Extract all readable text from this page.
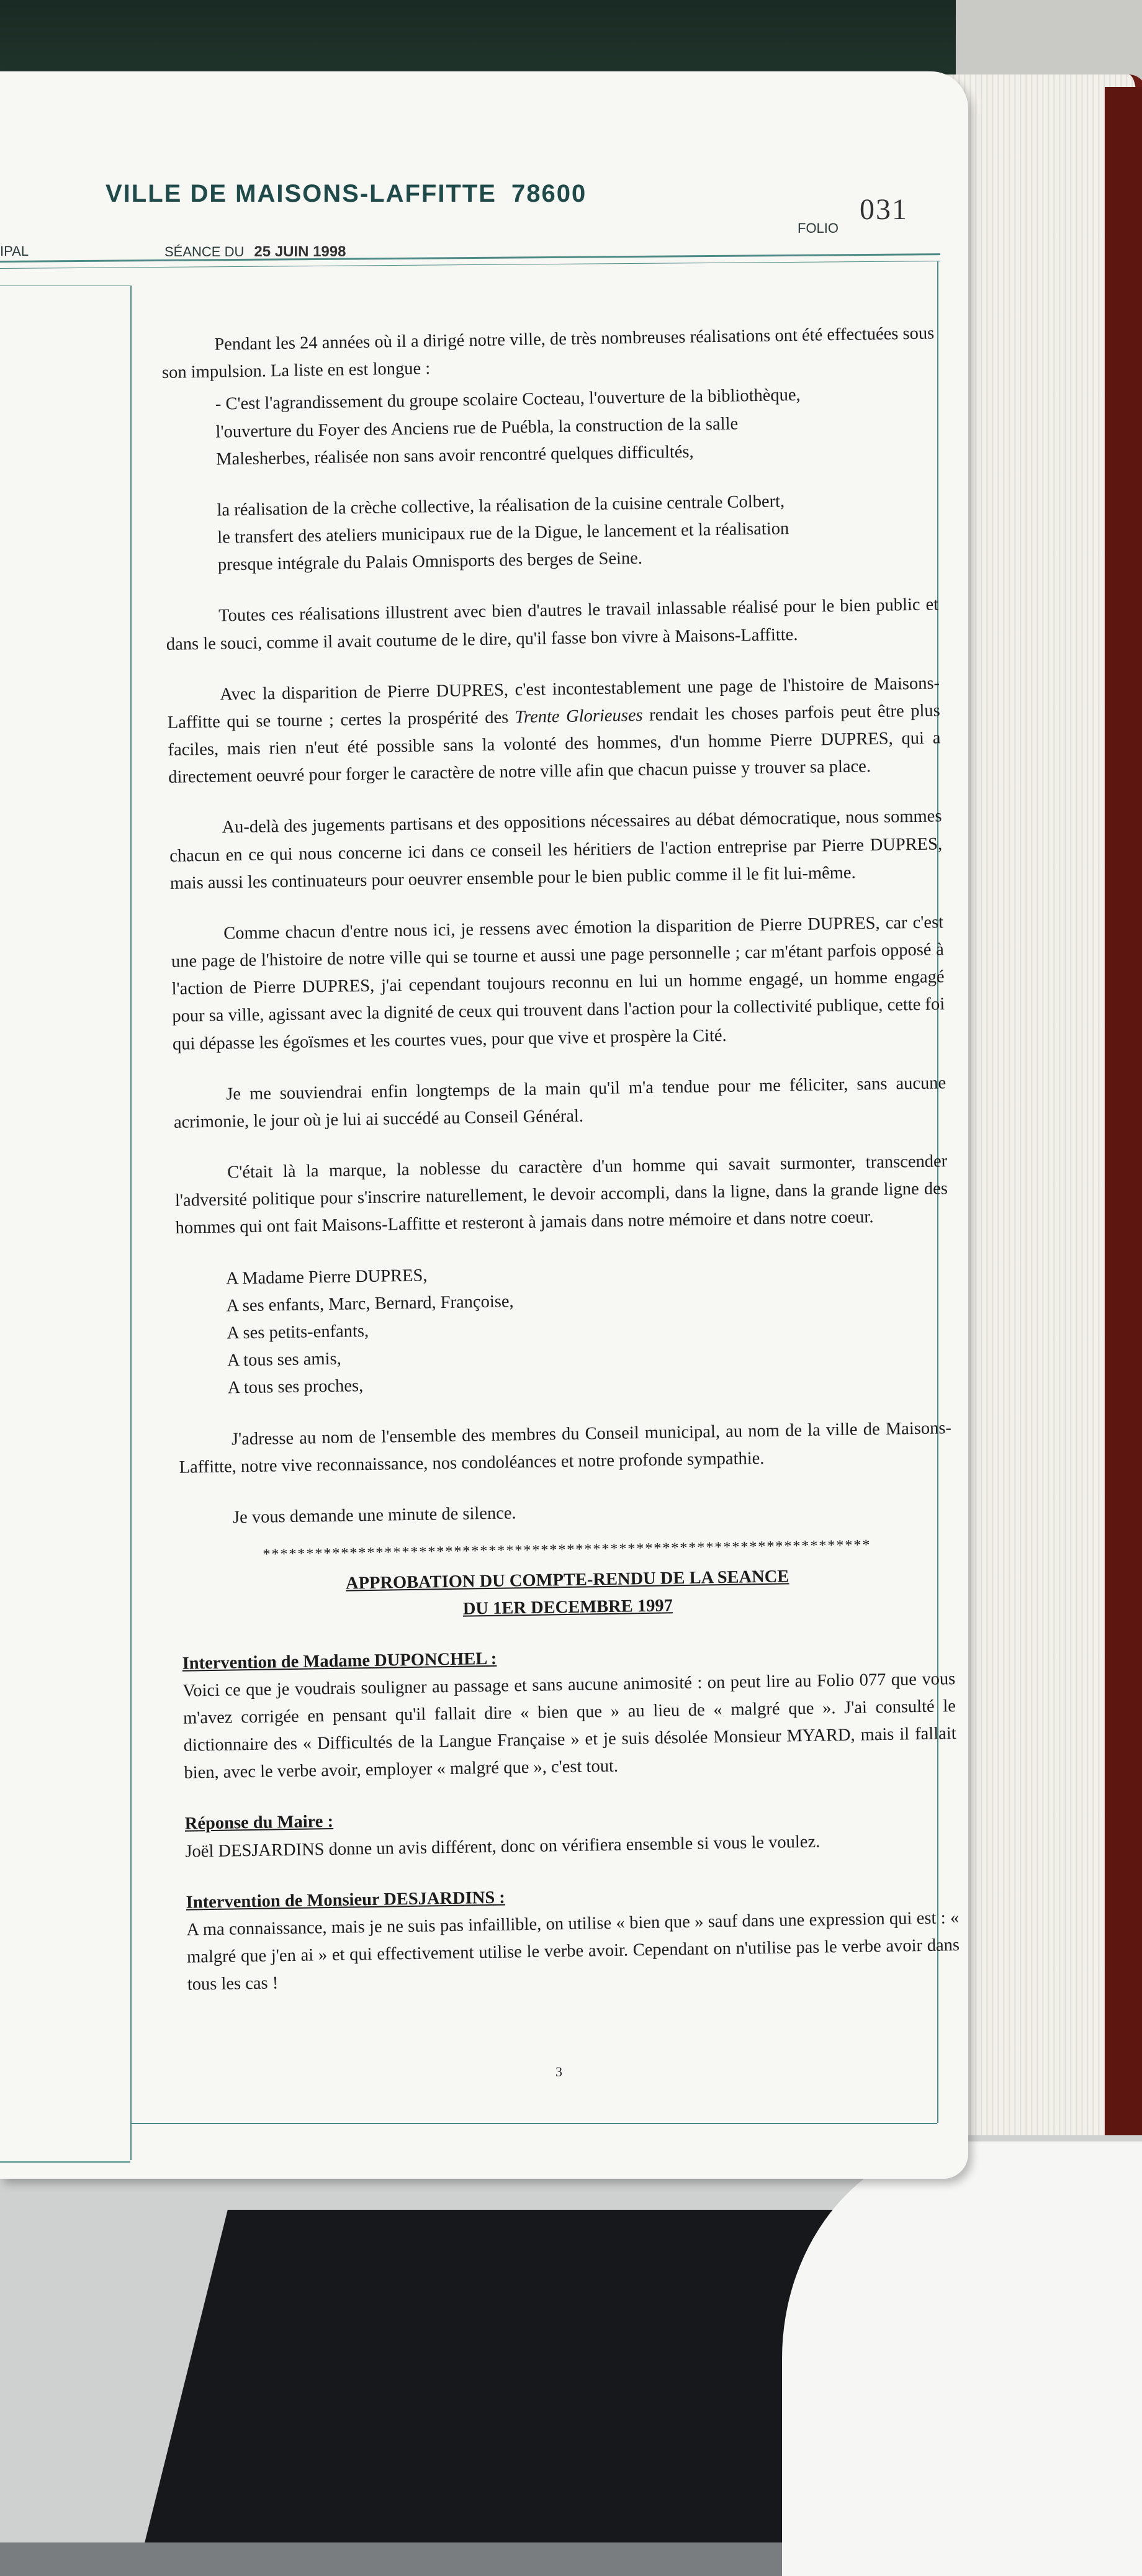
VILLE DE MAISONS-LAFFITTE 78600
IPAL	SÉANCE DU 25 JUIN 1998
FOLIO
031

Pendant les 24 années où il a dirigé notre ville, de très nombreuses réalisations ont été effectuées sous son impulsion. La liste en est longue :

- C'est l'agrandissement du groupe scolaire Cocteau, l'ouverture de la bibliothèque,
l'ouverture du Foyer des Anciens rue de Puébla, la construction de la salle
Malesherbes, réalisée non sans avoir rencontré quelques difficultés,
la réalisation de la crèche collective, la réalisation de la cuisine centrale Colbert,
le transfert des ateliers municipaux rue de la Digue, le lancement et la réalisation
presque intégrale du Palais Omnisports des berges de Seine.

Toutes ces réalisations illustrent avec bien d'autres le travail inlassable réalisé pour le bien public et dans le souci, comme il avait coutume de le dire, qu'il fasse bon vivre à Maisons-Laffitte.

Avec la disparition de Pierre DUPRES, c'est incontestablement une page de l'histoire de Maisons-Laffitte qui se tourne ; certes la prospérité des Trente Glorieuses rendait les choses parfois peut être plus faciles, mais rien n'eut été possible sans la volonté des hommes, d'un homme Pierre DUPRES, qui a directement oeuvré pour forger le caractère de notre ville afin que chacun puisse y trouver sa place.

Au-delà des jugements partisans et des oppositions nécessaires au débat démocratique, nous sommes chacun en ce qui nous concerne ici dans ce conseil les héritiers de l'action entreprise par Pierre DUPRES, mais aussi les continuateurs pour oeuvrer ensemble pour le bien public comme il le fit lui-même.

Comme chacun d'entre nous ici, je ressens avec émotion la disparition de Pierre DUPRES, car c'est une page de l'histoire de notre ville qui se tourne et aussi une page personnelle ; car m'étant parfois opposé à l'action de Pierre DUPRES, j'ai cependant toujours reconnu en lui un homme engagé, un homme engagé pour sa ville, agissant avec la dignité de ceux qui trouvent dans l'action pour la collectivité publique, cette foi qui dépasse les égoïsmes et les courtes vues, pour que vive et prospère la Cité.

Je me souviendrai enfin longtemps de la main qu'il m'a tendue pour me féliciter, sans aucune acrimonie, le jour où je lui ai succédé au Conseil Général.

C'était là la marque, la noblesse du caractère d'un homme qui savait surmonter, transcender l'adversité politique pour s'inscrire naturellement, le devoir accompli, dans la ligne, dans la grande ligne des hommes qui ont fait Maisons-Laffitte et resteront à jamais dans notre mémoire et dans notre coeur.

A Madame Pierre DUPRES,
A ses enfants, Marc, Bernard, Françoise,
A ses petits-enfants,
A tous ses amis,
A tous ses proches,

J'adresse au nom de l'ensemble des membres du Conseil municipal, au nom de la ville de Maisons-Laffitte, notre vive reconnaissance, nos condoléances et notre profonde sympathie.

Je vous demande une minute de silence.

**********************************************************************
APPROBATION DU COMPTE-RENDU DE LA SEANCE
DU 1ER DECEMBRE 1997
Intervention de Madame DUPONCHEL :
Voici ce que je voudrais souligner au passage et sans aucune animosité : on peut lire au Folio 077 que vous m'avez corrigée en pensant qu'il fallait dire « bien que » au lieu de « malgré que ». J'ai consulté le dictionnaire des « Difficultés de la Langue Française » et je suis désolée Monsieur MYARD, mais il fallait bien, avec le verbe avoir, employer « malgré que », c'est tout.
Réponse du Maire :
Joël DESJARDINS donne un avis différent, donc on vérifiera ensemble si vous le voulez.
Intervention de Monsieur DESJARDINS :
A ma connaissance, mais je ne suis pas infaillible, on utilise « bien que » sauf dans une expression qui est : « malgré que j'en ai » et qui effectivement utilise le verbe avoir. Cependant on n'utilise pas le verbe avoir dans tous les cas !
3
